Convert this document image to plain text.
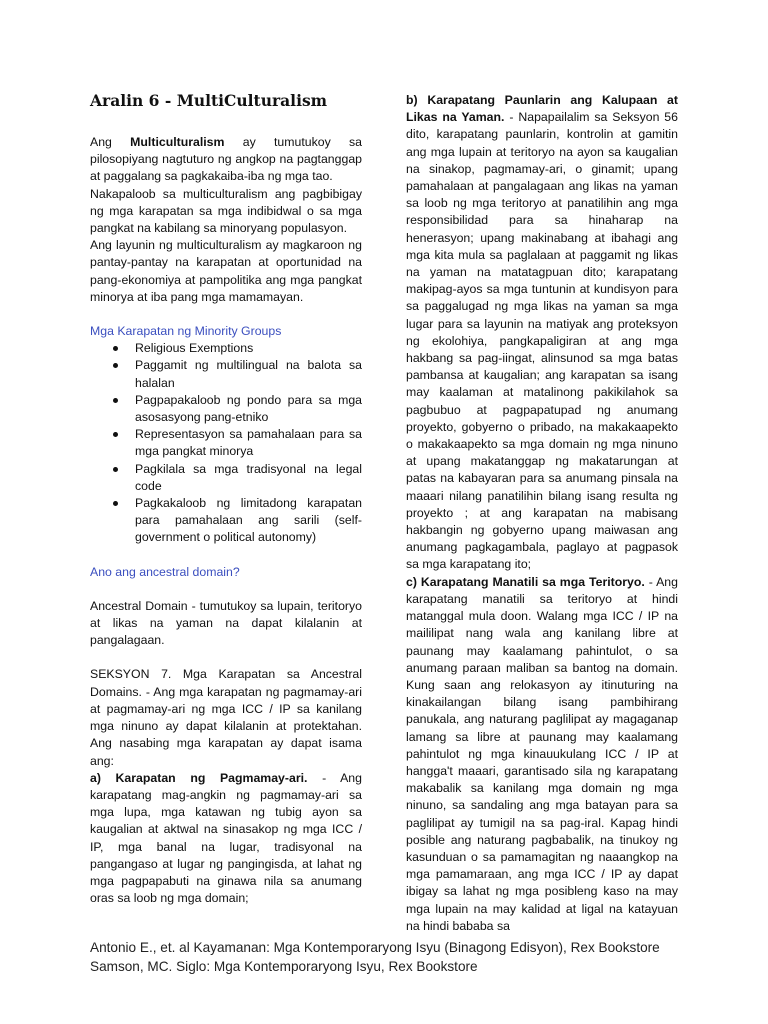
Aralin 6 - MultiCulturalism

Ang Multiculturalism ay tumutukoy sa pilosopiyang nagtuturo ng angkop na pagtanggap at paggalang sa pagkakaiba-iba ng mga tao.

Nakapaloob sa multiculturalism ang pagbibigay ng mga karapatan sa mga indibidwal o sa mga pangkat na kabilang sa minoryang populasyon.

Ang layunin ng multiculturalism ay magkaroon ng pantay-pantay na karapatan at oportunidad na pang-ekonomiya at pampolitika ang mga pangkat minorya at iba pang mga mamamayan.

Mga Karapatan ng Minority Groups

Religious Exemptions
Paggamit ng multilingual na balota sa halalan
Pagpapakaloob ng pondo para sa mga asosasyong pang-etniko
Representasyon sa pamahalaan para sa mga pangkat minorya
Pagkilala sa mga tradisyonal na legal code
Pagkakaloob ng limitadong karapatan para pamahalaan ang sarili (self-government o political autonomy)

Ano ang ancestral domain?

Ancestral Domain - tumutukoy sa lupain, teritoryo at likas na yaman na dapat kilalanin at pangalagaan.

SEKSYON 7. Mga Karapatan sa Ancestral Domains. - Ang mga karapatan ng pagmamay-ari at pagmamay-ari ng mga ICC / IP sa kanilang mga ninuno ay dapat kilalanin at protektahan. Ang nasabing mga karapatan ay dapat isama ang:

a) Karapatan ng Pagmamay-ari. - Ang karapatang mag-angkin ng pagmamay-ari sa mga lupa, mga katawan ng tubig ayon sa kaugalian at aktwal na sinasakop ng mga ICC / IP, mga banal na lugar, tradisyonal na pangangaso at lugar ng pangingisda, at lahat ng mga pagpapabuti na ginawa nila sa anumang oras sa loob ng mga domain;

b) Karapatang Paunlarin ang Kalupaan at Likas na Yaman. - Napapailalim sa Seksyon 56 dito, karapatang paunlarin, kontrolin at gamitin ang mga lupain at teritoryo na ayon sa kaugalian na sinakop, pagmamay-ari, o ginamit; upang pamahalaan at pangalagaan ang likas na yaman sa loob ng mga teritoryo at panatilihin ang mga responsibilidad para sa hinaharap na henerasyon; upang makinabang at ibahagi ang mga kita mula sa paglalaan at paggamit ng likas na yaman na matatagpuan dito; karapatang makipag-ayos sa mga tuntunin at kundisyon para sa paggalugad ng mga likas na yaman sa mga lugar para sa layunin na matiyak ang proteksyon ng ekolohiya, pangkapaligiran at ang mga hakbang sa pag-iingat, alinsunod sa mga batas pambansa at kaugalian; ang karapatan sa isang may kaalaman at matalinong pakikilahok sa pagbubuo at pagpapatupad ng anumang proyekto, gobyerno o pribado, na makakaapekto o makakaapekto sa mga domain ng mga ninuno at upang makatanggap ng makatarungan at patas na kabayaran para sa anumang pinsala na maaari nilang panatilihin bilang isang resulta ng proyekto ; at ang karapatan na mabisang hakbangin ng gobyerno upang maiwasan ang anumang pagkagambala, paglayo at pagpasok sa mga karapatang ito;

c) Karapatang Manatili sa mga Teritoryo. - Ang karapatang manatili sa teritoryo at hindi matanggal mula doon. Walang mga ICC / IP na maililipat nang wala ang kanilang libre at paunang may kaalamang pahintulot, o sa anumang paraan maliban sa bantog na domain. Kung saan ang relokasyon ay itinuturing na kinakailangan bilang isang pambihirang panukala, ang naturang paglilipat ay magaganap lamang sa libre at paunang may kaalamang pahintulot ng mga kinauukulang ICC / IP at hangga't maaari, garantisado sila ng karapatang makabalik sa kanilang mga domain ng mga ninuno, sa sandaling ang mga batayan para sa paglilipat ay tumigil na sa pag-iral. Kapag hindi posible ang naturang pagbabalik, na tinukoy ng kasunduan o sa pamamagitan ng naaangkop na mga pamamaraan, ang mga ICC / IP ay dapat ibigay sa lahat ng mga posibleng kaso na may mga lupain na may kalidad at ligal na katayuan na hindi bababa sa

Antonio E., et. al Kayamanan: Mga Kontemporaryong Isyu (Binagong Edisyon), Rex Bookstore
Samson, MC. Siglo: Mga Kontemporaryong Isyu, Rex Bookstore
